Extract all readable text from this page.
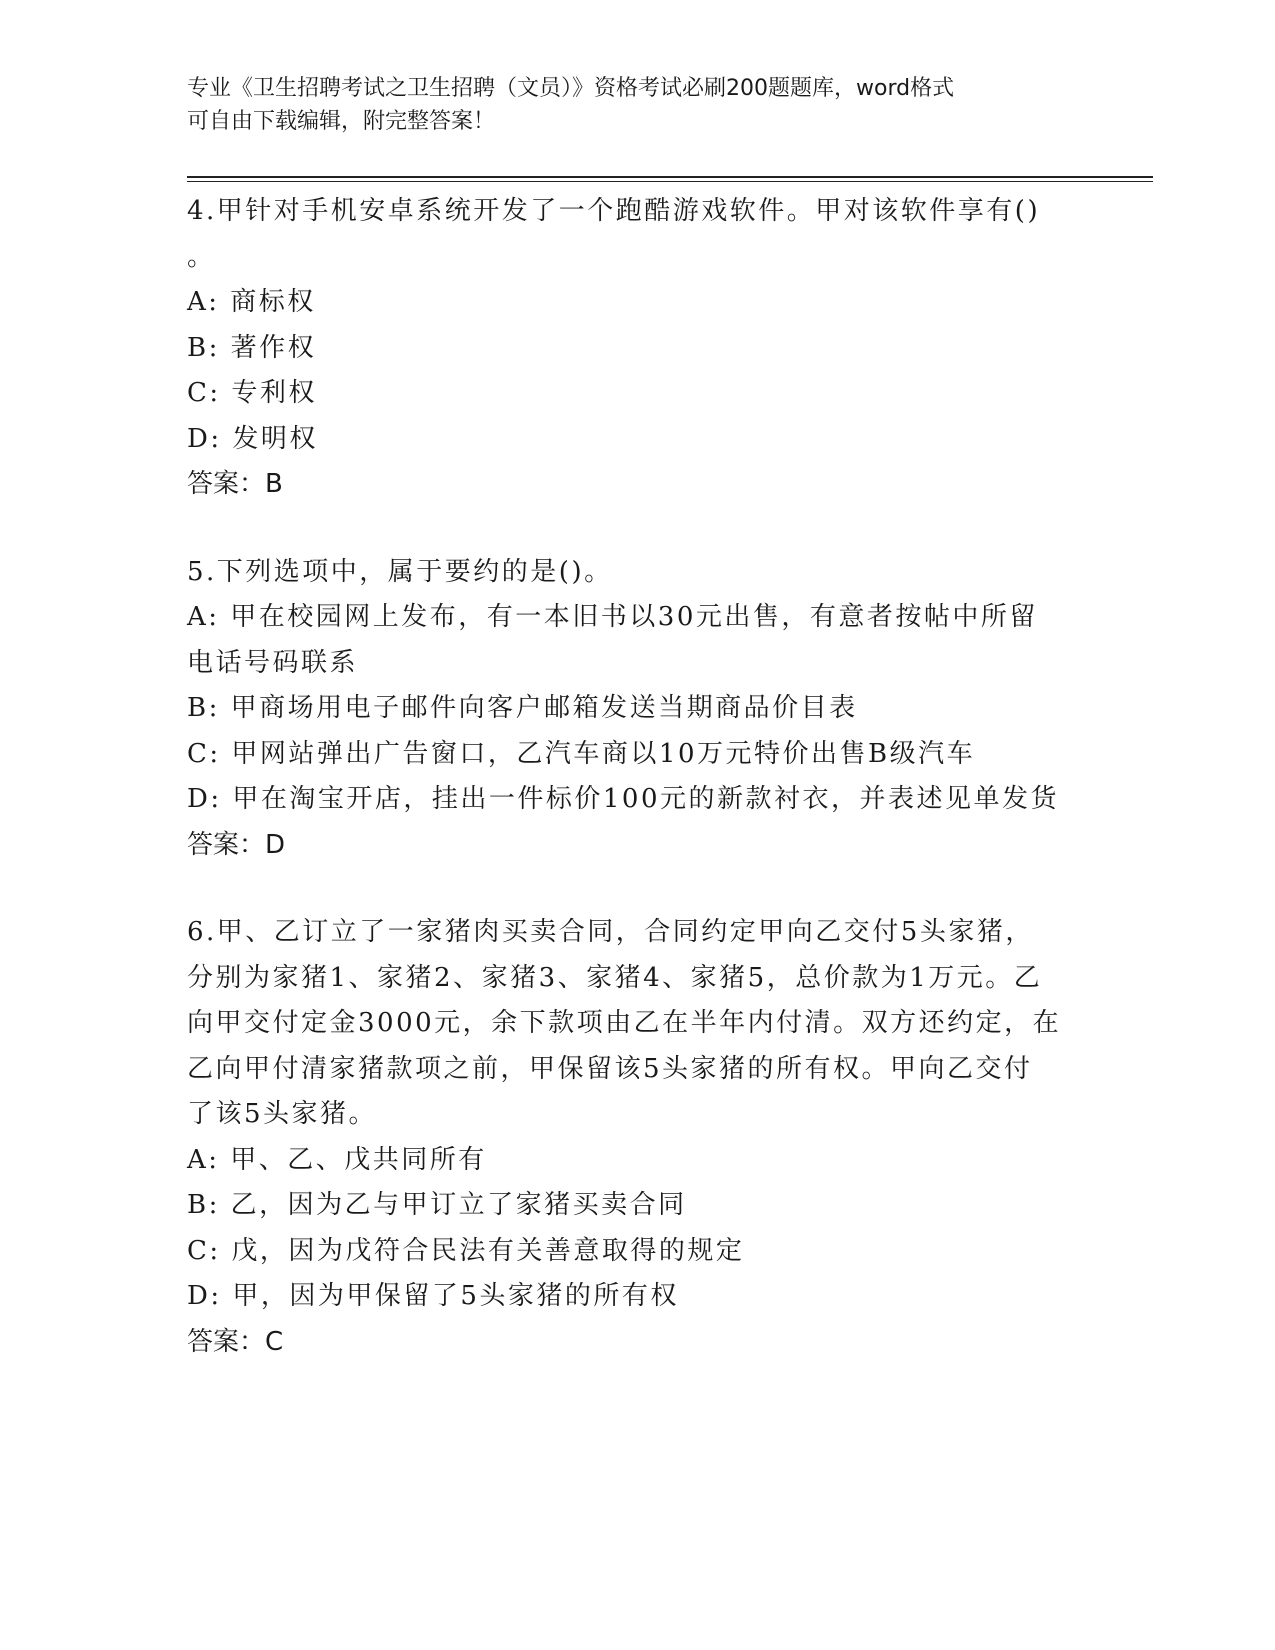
专业《卫生招聘考试之卫生招聘（文员）》资格考试必刷200题题库，word格式
可自由下载编辑，附完整答案！
4.甲针对手机安卓系统开发了一个跑酷游戏软件。甲对该软件享有()
。
A: 商标权
B: 著作权
C: 专利权
D: 发明权
答案：B
5.下列选项中，属于要约的是()。
A: 甲在校园网上发布，有一本旧书以30元出售，有意者按帖中所留
电话号码联系
B: 甲商场用电子邮件向客户邮箱发送当期商品价目表
C: 甲网站弹出广告窗口，乙汽车商以10万元特价出售B级汽车
D: 甲在淘宝开店，挂出一件标价100元的新款衬衣，并表述见单发货
答案：D
6.甲、乙订立了一家猪肉买卖合同，合同约定甲向乙交付5头家猪，
分别为家猪1、家猪2、家猪3、家猪4、家猪5，总价款为1万元。乙
向甲交付定金3000元，余下款项由乙在半年内付清。双方还约定，在
乙向甲付清家猪款项之前，甲保留该5头家猪的所有权。甲向乙交付
了该5头家猪。
A: 甲、乙、戊共同所有
B: 乙，因为乙与甲订立了家猪买卖合同
C: 戊，因为戊符合民法有关善意取得的规定
D: 甲，因为甲保留了5头家猪的所有权
答案：C
